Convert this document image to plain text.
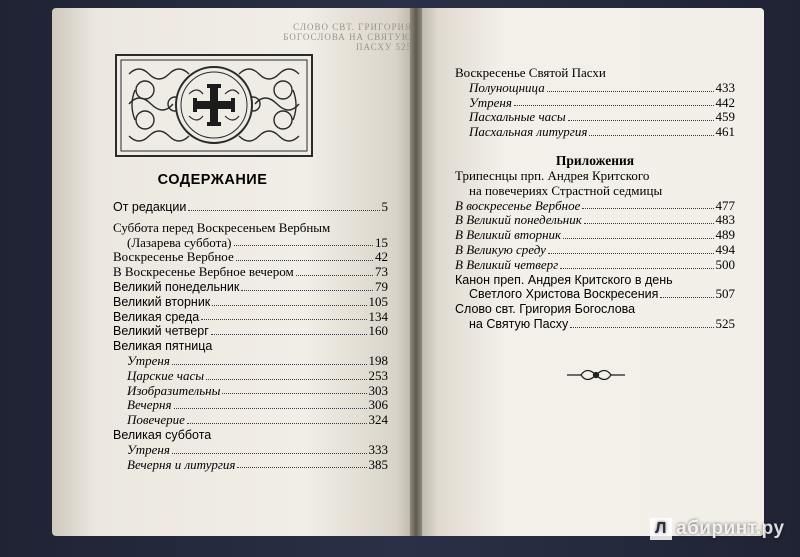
СЛОВО СВТ. ГРИГОРИЯ БОГОСЛОВА НА СВЯТУЮ ПАСХУ 525
СОДЕРЖАНИЕ
От редакции	5
Суббота перед Воскресеньем Вербным
(Лазарева суббота)	15
Воскресенье Вербное	42
В Воскресенье Вербное вечером	73
Великий понедельник	79
Великий вторник	105
Великая среда	134
Великий четверг	160
Великая пятница
Утреня	198
Царские часы	253
Изобразительны	303
Вечерня	306
Повечерие	324
Великая суббота
Утреня	333
Вечерня и литургия	385
Воскресенье Святой Пасхи
Полунощница	433
Утреня	442
Пасхальные часы	459
Пасхальная литургия	461
Приложения
Трипеснцы прп. Андрея Критского
на повечериях Страстной седмицы
В воскресенье Вербное	477
В Великий понедельник	483
В Великий вторник	489
В Великую среду	494
В Великий четверг	500
Канон преп. Андрея Критского в день
Светлого Христова Воскресения	507
Слово свт. Григория Богослова
на Святую Пасху	525
Л абиринт.ру
